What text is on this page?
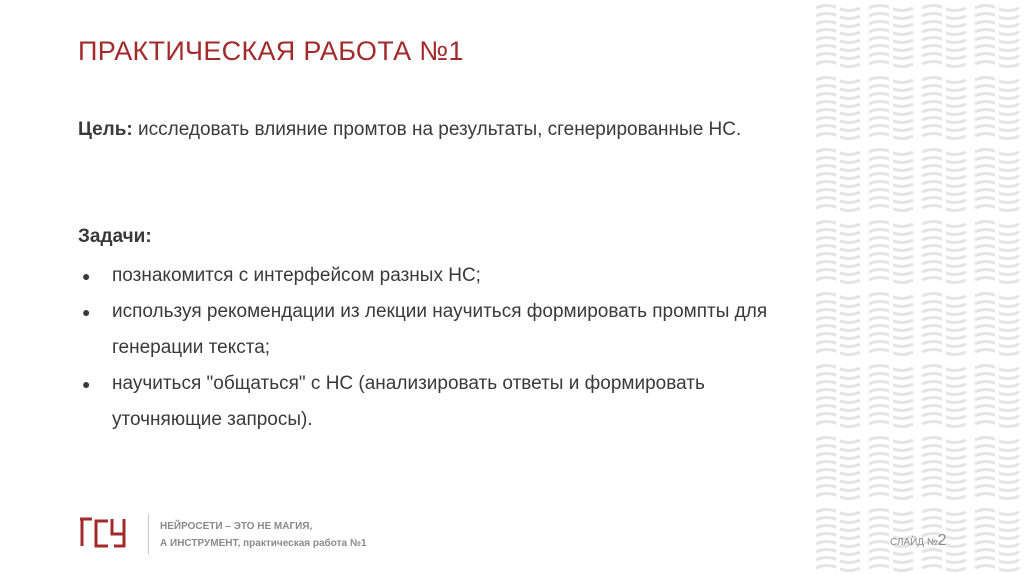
ПРАКТИЧЕСКАЯ РАБОТА №1
Цель: исследовать влияние промтов на результаты, сгенерированные НС.
Задачи:
● познакомится с интерфейсом разных НС;
● используя рекомендации из лекции научиться формировать промпты для генерации текста;
● научиться "общаться" с НС (анализировать ответы и формировать уточняющие запросы).
НЕЙРОСЕТИ – ЭТО НЕ МАГИЯ,
А ИНСТРУМЕНТ, практическая работа №1	СЛАЙД №2
